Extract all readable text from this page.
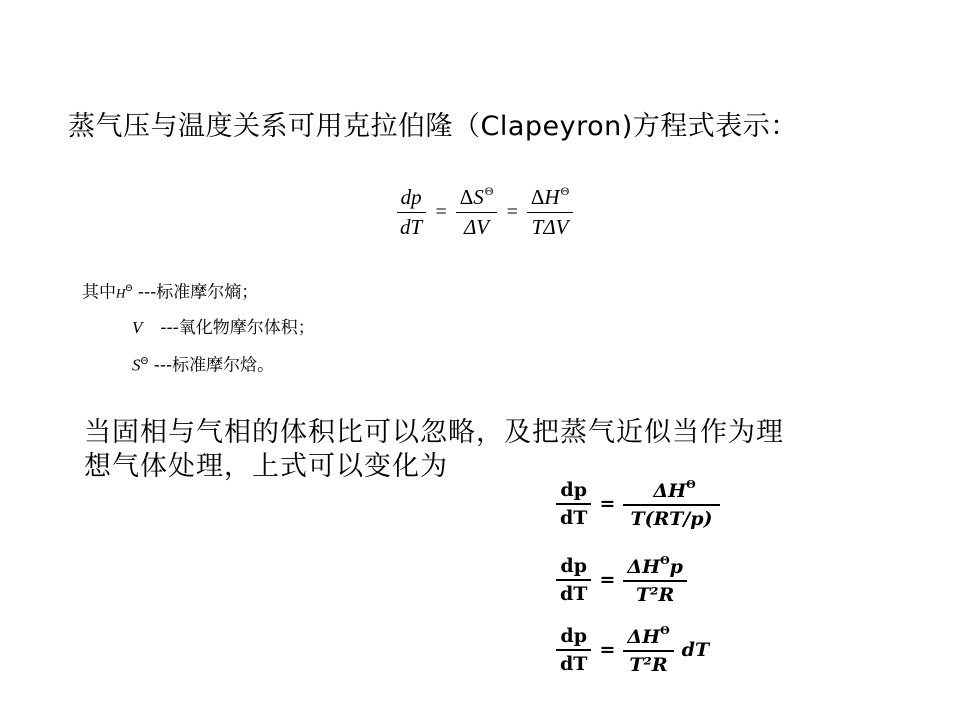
蒸气压与温度关系可用克拉伯隆（Clapeyron)方程式表示：
$\frac{dp}{dT} = \frac{\Delta S^\Theta}{\Delta V} = \frac{\Delta H^\Theta}{\text{TΔV}}$
其中$H^\Theta$ ---标准摩尔熵；
V ---氧化物摩尔体积；
$S^\Theta$ ---标准摩尔焓。
当固相与气相的体积比可以忽略，及把蒸气近似当作为理
想气体处理，上式可以变化为
$\frac{dp}{dT} = \frac{\Delta H^\Theta}{T(RT/p)}$
$\frac{dp}{dT} = \frac{\Delta H^\Theta p}{\text{T²R}}$
$\frac{dp}{dT} = \frac{\Delta H^\Theta}{\text{T²R}}$ dT
